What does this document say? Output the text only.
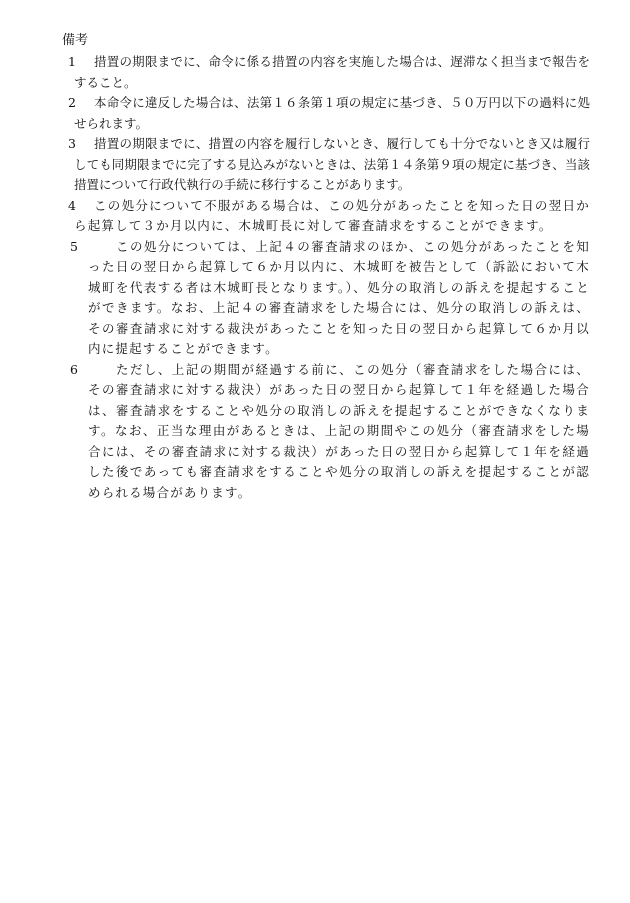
備考
1	措置の期限までに、命令に係る措置の内容を実施した場合は、遅滞なく担当まで報告をすること。
2	本命令に違反した場合は、法第１６条第１項の規定に基づき、５０万円以下の過料に処せられます。
3	措置の期限までに、措置の内容を履行しないとき、履行しても十分でないとき又は履行しても同期限までに完了する見込みがないときは、法第１４条第９項の規定に基づき、当該措置について行政代執行の手続に移行することがあります。
4	この処分について不服がある場合は、この処分があったことを知った日の翌日から起算して３か月以内に、木城町長に対して審査請求をすることができます。
5	この処分については、上記４の審査請求のほか、この処分があったことを知った日の翌日から起算して６か月以内に、木城町を被告として（訴訟において木城町を代表する者は木城町長となります。）、処分の取消しの訴えを提起することができます。なお、上記４の審査請求をした場合には、処分の取消しの訴えは、その審査請求に対する裁決があったことを知った日の翌日から起算して６か月以内に提起することができます。
6	ただし、上記の期間が経過する前に、この処分（審査請求をした場合には、その審査請求に対する裁決）があった日の翌日から起算して１年を経過した場合は、審査請求をすることや処分の取消しの訴えを提起することができなくなります。なお、正当な理由があるときは、上記の期間やこの処分（審査請求をした場合には、その審査請求に対する裁決）があった日の翌日から起算して１年を経過した後であっても審査請求をすることや処分の取消しの訴えを提起することが認められる場合があります。
